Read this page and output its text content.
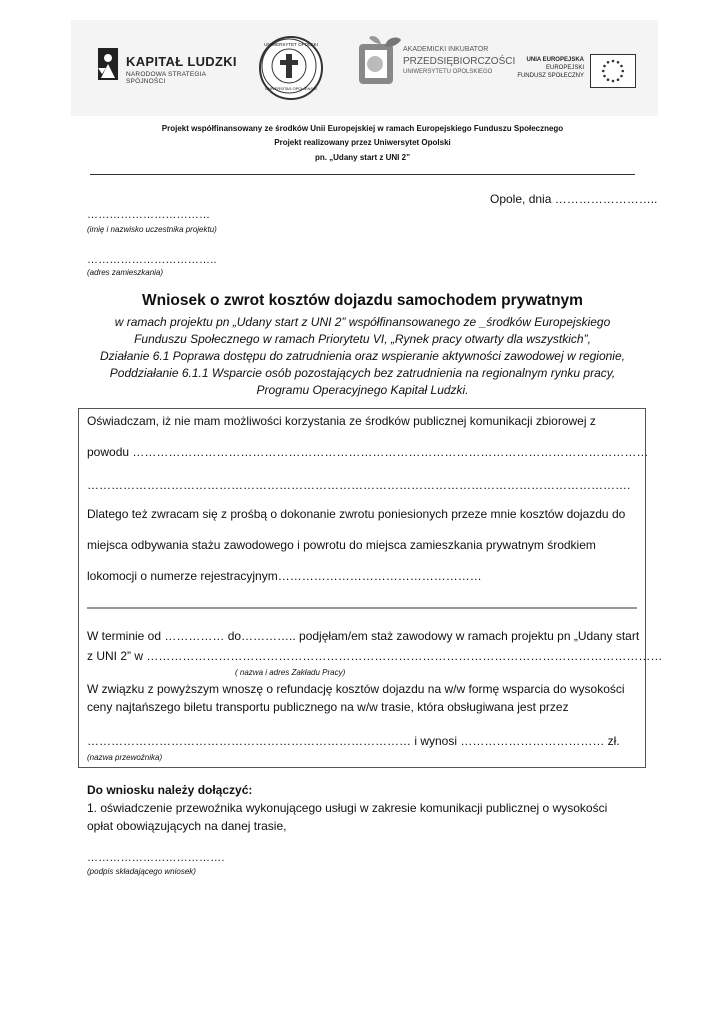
KAPITAŁ LUDZKI
NARODOWA STRATEGIA SPÓJNOŚCI
UNIWERSYTET OPOLSKI
UNIVERSITAS OPOLIENSIS
AKADEMICKI INKUBATOR
PRZEDSIĘBIORCZOŚCI
UNIWERSYTETU OPOLSKIEGO
UNIA EUROPEJSKA
EUROPEJSKI
FUNDUSZ SPOŁECZNY
Projekt współfinansowany ze środków Unii Europejskiej w ramach Europejskiego Funduszu Społecznego
Projekt realizowany przez Uniwersytet Opolski
pn. „Udany start z UNI 2”
Opole, dnia ……………………..
……………………………
(imię i nazwisko uczestnika projektu)
……………………………..
(adres zamieszkania)
Wniosek o zwrot kosztów dojazdu samochodem prywatnym
w ramach projektu pn „Udany start z UNI 2” współfinansowanego ze _środków Europejskiego
Funduszu Społecznego w ramach Priorytetu VI, „Rynek pracy otwarty dla wszystkich”,
Działanie 6.1 Poprawa dostępu do zatrudnienia oraz wspieranie aktywności zawodowej w regionie,
Poddziałanie 6.1.1 Wsparcie osób pozostających bez zatrudnienia na regionalnym rynku pracy,
Programu Operacyjnego Kapitał Ludzki.
Oświadczam, iż nie mam możliwości korzystania ze środków publicznej komunikacji zbiorowej z
powodu …………………………………………………………………………………………………………………
……………………………………………………………………………………………………………………….
Dlatego też zwracam się z prośbą o dokonanie zwrotu poniesionych przeze mnie kosztów dojazdu do
miejsca odbywania stażu zawodowego i powrotu do miejsca zamieszkania prywatnym środkiem
lokomocji o numerze rejestracyjnym……………………………………………
W terminie od …………… do………….. podjęłam/em staż zawodowy w ramach projektu pn „Udany start
z UNI 2” w …………………………………………………………………………………………………………………
( nazwa i adres Zakładu Pracy)
W związku z powyższym wnoszę o refundację kosztów dojazdu na w/w formę wsparcia do wysokości
ceny najtańszego biletu transportu publicznego na w/w trasie, która obsługiwana jest przez
……………………………………………………………………… i wynosi ……………………………… zł.
(nazwa przewoźnika)
Do wniosku należy dołączyć:
1. oświadczenie przewoźnika wykonującego usługi w zakresie komunikacji publicznej o wysokości
opłat obowiązujących na danej trasie,
……………………………….
(podpis składającego wniosek)
